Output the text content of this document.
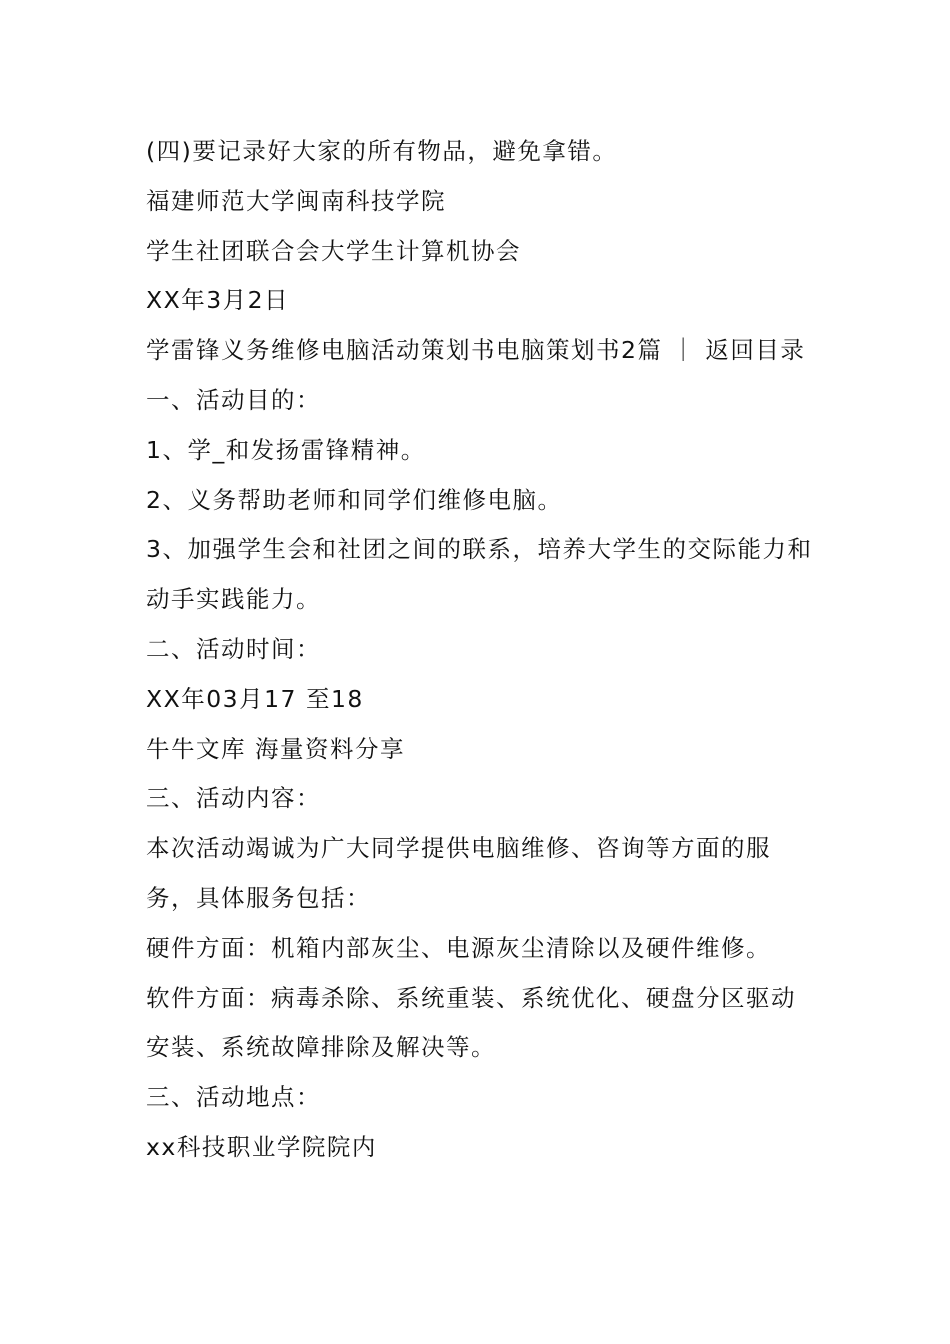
(四)要记录好大家的所有物品，避免拿错。

福建师范大学闽南科技学院

学生社团联合会大学生计算机协会

XX年3月2日

学雷锋义务维修电脑活动策划书电脑策划书2篇 ｜ 返回目录

一、活动目的：

1、学_和发扬雷锋精神。

2、义务帮助老师和同学们维修电脑。

3、加强学生会和社团之间的联系，培养大学生的交际能力和动手实践能力。

二、活动时间：

XX年03月17 至18

牛牛文库 海量资料分享

三、活动内容：

本次活动竭诚为广大同学提供电脑维修、咨询等方面的服务，具体服务包括：

硬件方面：机箱内部灰尘、电源灰尘清除以及硬件维修。

软件方面：病毒杀除、系统重装、系统优化、硬盘分区驱动安装、系统故障排除及解决等。

三、活动地点：

xx科技职业学院院内
